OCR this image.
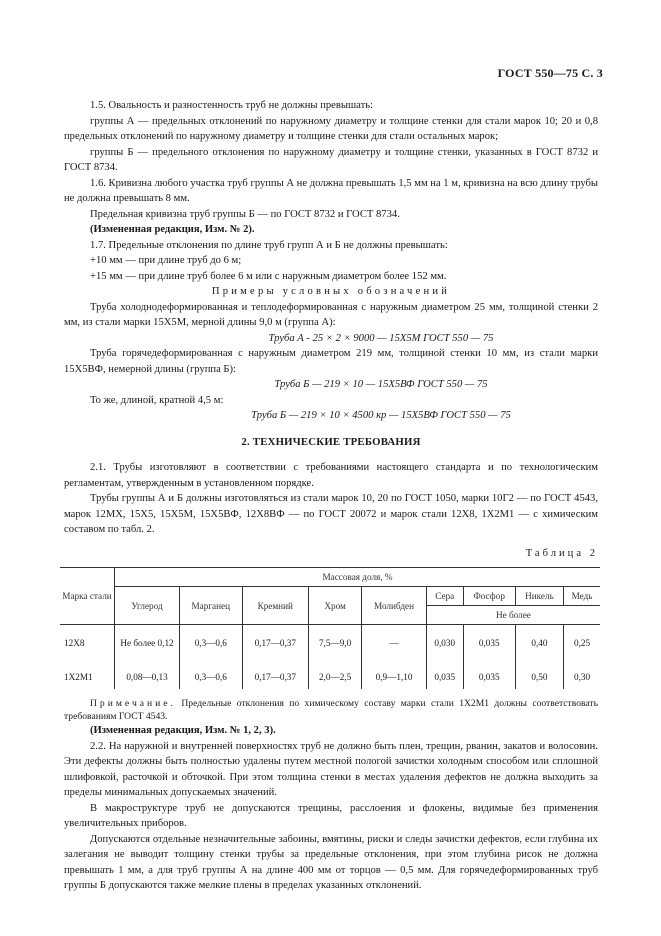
ГОСТ 550—75 С. 3

1.5. Овальность и разностенность труб не должны превышать:

группы А — предельных отклонений по наружному диаметру и толщине стенки для стали марок 10; 20 и 0,8 предельных отклонений по наружному диаметру и толщине стенки для стали остальных марок;

группы Б — предельного отклонения по наружному диаметру и толщине стенки, указанных в ГОСТ 8732 и ГОСТ 8734.

1.6. Кривизна любого участка труб группы А не должна превышать 1,5 мм на 1 м, кривизна на всю длину трубы не должна превышать 8 мм.

Предельная кривизна труб группы Б — по ГОСТ 8732 и ГОСТ 8734.

(Измененная редакция, Изм. № 2).

1.7. Предельные отклонения по длине труб групп А и Б не должны превышать:

+10 мм — при длине труб до 6 м;

+15 мм — при длине труб более 6 м или с наружным диаметром более 152 мм.

Примеры условных обозначений

Труба холоднодеформированная и теплодеформированная с наружным диаметром 25 мм, толщиной стенки 2 мм, из стали марки 15Х5М, мерной длины 9,0 м (группа А):

Труба А - 25 × 2 × 9000 — 15Х5М ГОСТ 550 — 75

Труба горячедеформированная с наружным диаметром 219 мм, толщиной стенки 10 мм, из стали марки 15Х5ВФ, немерной длины (группа Б):

Труба Б — 219 × 10 — 15Х5ВФ ГОСТ 550 — 75

То же, длиной, кратной 4,5 м:

Труба Б — 219 × 10 × 4500 кр — 15Х5ВФ ГОСТ 550 — 75

2. ТЕХНИЧЕСКИЕ ТРЕБОВАНИЯ

2.1. Трубы изготовляют в соответствии с требованиями настоящего стандарта и по технологическим регламентам, утвержденным в установленном порядке.

Трубы группы А и Б должны изготовляться из стали марок 10, 20 по ГОСТ 1050, марки 10Г2 — по ГОСТ 4543, марок 12МХ, 15Х5, 15Х5М, 15Х5ВФ, 12Х8ВФ — по ГОСТ 20072 и марок стали 12Х8, 1Х2М1 — с химическим составом по табл. 2.

Таблица 2

Марка стали	Массовая доля, %								
	Углерод	Марганец	Кремний	Хром	Молибден	Сера	Фосфор	Никель	Медь
						Не более			
12Х8	Не более 0,12	0,3—0,6	0,17—0,37	7,5—9,0	—	0,030	0,035	0,40	0,25
1Х2М1	0,08—0,13	0,3—0,6	0,17—0,37	2,0—2,5	0,9—1,10	0,035	0,035	0,50	0,30

Примечание. Предельные отклонения по химическому составу марки стали 1Х2М1 должны соответствовать требованиям ГОСТ 4543.

(Измененная редакция, Изм. № 1, 2, 3).

2.2. На наружной и внутренней поверхностях труб не должно быть плен, трещин, рванин, закатов и волосовин. Эти дефекты должны быть полностью удалены путем местной пологой зачистки холодным способом или сплошной шлифовкой, расточкой и обточкой. При этом толщина стенки в местах удаления дефектов не должна выходить за пределы минимальных допускаемых значений.

В макроструктуре труб не допускаются трещины, расслоения и флокены, видимые без применения увеличительных приборов.

Допускаются отдельные незначительные забоины, вмятины, риски и следы зачистки дефектов, если глубина их залегания не выводит толщину стенки трубы за предельные отклонения, при этом глубина рисок не должна превышать 1 мм, а для труб группы А на длине 400 мм от торцов — 0,5 мм. Для горячедеформированных труб группы Б допускаются также мелкие плены в пределах указанных отклонений.
